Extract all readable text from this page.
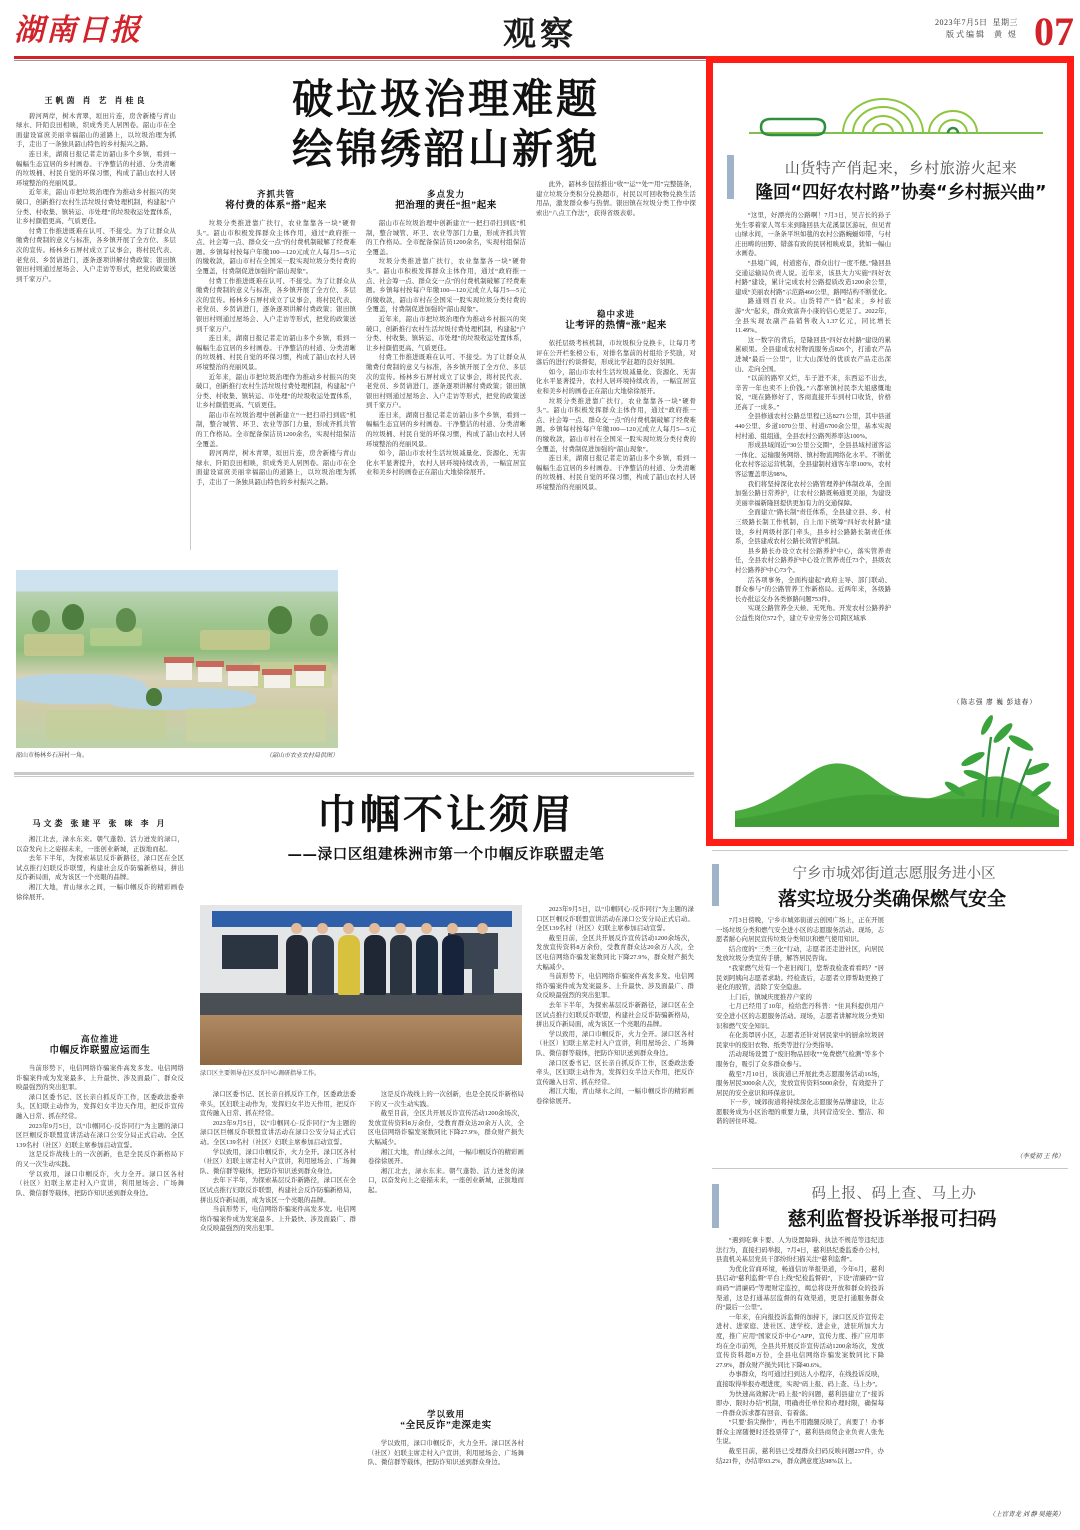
湖南日报	观察	2023年7月5日 星期三
版式编辑 黄 煜 07
破垃圾治理难题
绘锦绣韶山新貌
王帆茵 肖 艺 肖桂良

碧河两岸，树木青翠，垣田片连，房舍新楼与青山绿水、阡陌良田相映，织成秀美人居图卷。韶山市在全面建设富庶美丽幸福韶山的道路上，以垃圾治理为抓手，走出了一条独具韶山特色的乡村振兴之路。

连日来，湖南日报记者走访韶山多个乡镇，看到一幅幅生态宜居的乡村画卷。干净整洁的村道、分类清晰的垃圾桶、村民自觉的环保习惯，构成了韶山农村人居环境整治的亮丽风景。

近年来，韶山市把垃圾治理作为推动乡村振兴的突破口，创新推行农村生活垃圾付费处理机制，构建起“户分类、村收集、镇转运、市处理”的垃圾收运处置体系，让乡村颜值更高、气质更佳。

付费工作推进既难在认可、不接受。为了让群众从缴费付费制的意义与标准，各乡镇开展了全方位、多层次的宣传。杨林乡石屏村成立了议事会，将村民代表、老党员、乡贤请进门，逐条逐项讲解付费政策；银田镇银田村则通过屋场会、入户走访等形式，把党的政策送到千家万户。

齐抓共管
将付费的体系“搭”起来

垃圾分类推进靠广扶行，农业靠靠各一块“硬骨头”。韶山市积极发挥群众主体作用，通过“政府推一点、社会筹一点、群众交一点”的付费机制破解了经费难题。乡镇每村按每户年缴100—120元成立人每月5—5元的缴收款，韶山市村在全国采一股实现垃圾分类付费的全覆盖，付费制促进加强的“韶山现象”。

付费工作推进既难在认可、不接受。为了让群众从缴费付费制的意义与标准，各乡镇开展了全方位、多层次的宣传。杨林乡石屏村成立了议事会，将村民代表、老党员、乡贤请进门，逐条逐项讲解付费政策；银田镇银田村则通过屋场会、入户走访等形式，把党的政策送到千家万户。

连日来，湖南日报记者走访韶山多个乡镇，看到一幅幅生态宜居的乡村画卷。干净整洁的村道、分类清晰的垃圾桶、村民自觉的环保习惯，构成了韶山农村人居环境整治的亮丽风景。

近年来，韶山市把垃圾治理作为推动乡村振兴的突破口，创新推行农村生活垃圾付费处理机制，构建起“户分类、村收集、镇转运、市处理”的垃圾收运处置体系，让乡村颜值更高、气质更佳。

韶山市在垃圾治理中创新建立“一把扫帚扫到底”机制，整合城管、环卫、农业等部门力量，形成齐抓共管的工作格局。全市配备保洁员1200余名，实现村组保洁全覆盖。

碧河两岸，树木青翠，垣田片连，房舍新楼与青山绿水、阡陌良田相映，织成秀美人居图卷。韶山市在全面建设富庶美丽幸福韶山的道路上，以垃圾治理为抓手，走出了一条独具韶山特色的乡村振兴之路。

多点发力
把治理的责任“担”起来

韶山市在垃圾治理中创新建立“一把扫帚扫到底”机制，整合城管、环卫、农业等部门力量，形成齐抓共管的工作格局。全市配备保洁员1200余名，实现村组保洁全覆盖。

垃圾分类推进靠广扶行，农业靠靠各一块“硬骨头”。韶山市积极发挥群众主体作用，通过“政府推一点、社会筹一点、群众交一点”的付费机制破解了经费难题。乡镇每村按每户年缴100—120元成立人每月5—5元的缴收款，韶山市村在全国采一股实现垃圾分类付费的全覆盖，付费制促进加强的“韶山现象”。

近年来，韶山市把垃圾治理作为推动乡村振兴的突破口，创新推行农村生活垃圾付费处理机制，构建起“户分类、村收集、镇转运、市处理”的垃圾收运处置体系，让乡村颜值更高、气质更佳。

付费工作推进既难在认可、不接受。为了让群众从缴费付费制的意义与标准，各乡镇开展了全方位、多层次的宣传。杨林乡石屏村成立了议事会，将村民代表、老党员、乡贤请进门，逐条逐项讲解付费政策；银田镇银田村则通过屋场会、入户走访等形式，把党的政策送到千家万户。

连日来，湖南日报记者走访韶山多个乡镇，看到一幅幅生态宜居的乡村画卷。干净整洁的村道、分类清晰的垃圾桶、村民自觉的环保习惯，构成了韶山农村人居环境整治的亮丽风景。

如今，韶山市农村生活垃圾减量化、资源化、无害化水平显著提升，农村人居环境持续改善，一幅宜居宜业和美乡村的画卷正在韶山大地徐徐展开。

此外，韶林乡包括推出“收”“运”“处”“用”完整链条，建立垃圾分类积分兑换超市，村民以可回收物兑换生活用品，激发群众参与热情。银田镇在垃圾分类工作中探索出“八点工作法”，获得省级表彰。

稳中求进
让考评的热情“涨”起来

依托层级考核机制，市垃圾积分兑换卡，让每月考评在公开栏张榜公布，对排名靠前的村组给予奖励，对落后的进行约谈督促，形成比学赶超的良好氛围。

如今，韶山市农村生活垃圾减量化、资源化、无害化水平显著提升，农村人居环境持续改善，一幅宜居宜业和美乡村的画卷正在韶山大地徐徐展开。

垃圾分类推进靠广扶行，农业靠靠各一块“硬骨头”。韶山市积极发挥群众主体作用，通过“政府推一点、社会筹一点、群众交一点”的付费机制破解了经费难题。乡镇每村按每户年缴100—120元成立人每月5—5元的缴收款，韶山市村在全国采一股实现垃圾分类付费的全覆盖，付费制促进加强的“韶山现象”。

连日来，湖南日报记者走访韶山多个乡镇，看到一幅幅生态宜居的乡村画卷。干净整洁的村道、分类清晰的垃圾桶、村民自觉的环保习惯，构成了韶山农村人居环境整治的亮丽风景。

（韶山市农业农村局供图）
韶山市杨林乡石屏村一角。
巾帼不让须眉
——渌口区组建株洲市第一个巾帼反诈联盟走笔
马文娄 张建平 张 咪 李 月

湘江北去，渌水东来。朝气蓬勃、活力迸发的渌口，以奋发向上之姿描未来，一座创业新城，正拔地而起。

去年下半年，为探索基层反诈新路径，渌口区在全区试点推行妇联反诈联盟，构建社会反诈防骗新格局，拼出反诈新局面，成为该区一个亮眼的品牌。

湘江大地，青山绿水之间，一幅巾帼反诈的精彩画卷徐徐展开。

高位推进
巾帼反诈联盟应运而生

当前形势下，电信网络诈骗案件高发多发。电信网络诈骗案件成为发案最多、上升最快、涉及面最广、群众反映最强烈的突出犯罪。

渌口区委书记、区长亲自抓反诈工作，区委政法委牵头，区妇联主动作为，发挥妇女半边天作用，把反诈宣传融入日常、抓在经常。

2023年9月5日，以“巾帼同心·反诈同行”为主题的渌口区巨帼反诈联盟宣讲活动在渌口公安分局正式启动。全区139名村（社区）妇联主席参加启动宣誓。

这是反诈战线上的一次创新，也是全民反诈新格局下的又一次生动实践。

学以致用，渌口巾帼反诈，火力全开。渌口区各村（社区）妇联主席走村入户宣讲，利用屋场会、广场舞队、微信群等载体，把防诈知识送到群众身边。

渌口区主要领导在区反诈中心调研指导工作。

渌口区委书记、区长亲自抓反诈工作，区委政法委牵头，区妇联主动作为，发挥妇女半边天作用，把反诈宣传融入日常、抓在经常。

2023年9月5日，以“巾帼同心·反诈同行”为主题的渌口区巨帼反诈联盟宣讲活动在渌口公安分局正式启动。全区139名村（社区）妇联主席参加启动宣誓。

学以致用，渌口巾帼反诈，火力全开。渌口区各村（社区）妇联主席走村入户宣讲，利用屋场会、广场舞队、微信群等载体，把防诈知识送到群众身边。

去年下半年，为探索基层反诈新路径，渌口区在全区试点推行妇联反诈联盟，构建社会反诈防骗新格局，拼出反诈新局面，成为该区一个亮眼的品牌。

当前形势下，电信网络诈骗案件高发多发。电信网络诈骗案件成为发案最多、上升最快、涉及面最广、群众反映最强烈的突出犯罪。

这是反诈战线上的一次创新，也是全民反诈新格局下的又一次生动实践。

截至目前，全区共开展反诈宣传活动1200余场次，发放宣传资料8万余份，受教育群众达20余万人次，全区电信网络诈骗发案数同比下降27.9%，群众财产损失大幅减少。

湘江大地，青山绿水之间，一幅巾帼反诈的精彩画卷徐徐展开。

湘江北去，渌水东来。朝气蓬勃、活力迸发的渌口，以奋发向上之姿描未来，一座创业新城，正拔地而起。

学以致用
“全民反诈”走深走实

学以致用，渌口巾帼反诈，火力全开。渌口区各村（社区）妇联主席走村入户宣讲，利用屋场会、广场舞队、微信群等载体，把防诈知识送到群众身边。

2023年9月5日，以“巾帼同心·反诈同行”为主题的渌口区巨帼反诈联盟宣讲活动在渌口公安分局正式启动。全区139名村（社区）妇联主席参加启动宣誓。

截至目前，全区共开展反诈宣传活动1200余场次，发放宣传资料8万余份，受教育群众达20余万人次，全区电信网络诈骗发案数同比下降27.9%，群众财产损失大幅减少。

当前形势下，电信网络诈骗案件高发多发。电信网络诈骗案件成为发案最多、上升最快、涉及面最广、群众反映最强烈的突出犯罪。

去年下半年，为探索基层反诈新路径，渌口区在全区试点推行妇联反诈联盟，构建社会反诈防骗新格局，拼出反诈新局面，成为该区一个亮眼的品牌。

学以致用，渌口巾帼反诈，火力全开。渌口区各村（社区）妇联主席走村入户宣讲，利用屋场会、广场舞队、微信群等载体，把防诈知识送到群众身边。

渌口区委书记、区长亲自抓反诈工作，区委政法委牵头，区妇联主动作为，发挥妇女半边天作用，把反诈宣传融入日常、抓在经常。

湘江大地，青山绿水之间，一幅巾帼反诈的精彩画卷徐徐展开。

山货特产俏起来，乡村旅游火起来
隆回“四好农村路”协奏“乡村振兴曲”

“这里，好漂亮的公路啊！7月3日，吴吉长的孙子先生零着家人驾车来到隆回县大花溪景区游玩，但见青山绿水间，一条条平坦如毯的农村公路蜿蜒如带，与村庄田畴的田野、错落有致的民居相映成景，犹如一幅山水画卷。

“县境广阔，村道密布，群众出行一度不便。”隆回县交通运输局负责人说。近年来，该县大力实施“四好农村路”建设，累计完成农村公路提质改造1200余公里，建成“美丽农村路”示范路460公里，路网结构不断优化。

路通则百业兴。山货特产“俏”起来，乡村旅游“火”起来，群众致富奔小康的信心更足了。2022年，全县实现农副产品销售收入1.37亿元，同比增长11.49%。

这一数字的背后，是隆回县“四好农村路”建设的累累硕果。全县建成农村物流服务点826个，打通农产品进城“最后一公里”，让大山深处的优质农产品走出深山、走向全国。

“以前的路窄又烂，车子进不来，东西运不出去，辛苦一年也卖不上价钱。”六都寨镇村民李大姐感慨地说，“现在路修好了，客商直接开车到村口收货，价格还高了一成多。”

全县修通农村公路总里程已达8271公里，其中县道440公里、乡道1070公里、村道6700余公里，基本实现村村通、组组通，全县农村公路列养率达100%。

形成县域间近“30公里公交圈”，全县县域村道客运一体化、运输服务网络、镇村物流网络化水平。不断优化农村客运运营机制，全县建制村通客车率100%，农村客运覆盖率达98%。

我们将坚持深化农村公路管理养护体制改革，全面加强公路日常养护，让农村公路既畅通更美丽，为建设美丽幸福新隆回提供更加有力的交通保障。

全面建立“路长制”责任体系，全县建立县、乡、村三级路长制工作机制，自上而下统筹“四好农村路”建设，乡村两级村部门牵头，县乡村公路路长制责任体系，全县建成农村公路长效管护机制。

县乡路长办设立农村公路养护中心，落实管养责任，全县农村公路养护中心设立管养责任73个，县级农村公路养护中心73个。

活各项事务，全面构建起“政府主导、部门联动、群众参与”的公路管养工作新格局。近两年来，各级路长办批运交办各类修路问题753件。

实现公路管养全天候、无死角。开发农村公路养护公益性岗位572个，建立专业劳务公司跨区域承

（陈志强 廖 巍 彭迪春）
宁乡市城郊街道志愿服务进小区
落实垃圾分类确保燃气安全

7月3日傍晚，宁乡市城郊街道云创园广场上，正在开展一场垃圾分类和燃气安全进小区的志愿服务活动。现场，志愿者耐心向居民宣传垃圾分类知识和燃气使用知识。

结合度的“三类三化”行动，志愿者还走进社区，向居民发放垃圾分类宣传手册，解答居民咨询。

“我家燃气灶有一个老旧阀门，您帮我检查看看吗？”居民刘阿姨向志愿者求助。经检查后，志愿者立即帮助更换了老化的胶管，消除了安全隐患。

上门后，镇城庆度推荐户家的

七月已经用了10年，检给您丹科普：“住具科提供用户安全进小区的志愿服务活动。现场，志愿者讲解垃圾分类知识和燃气安全知识。

在化粪罩居小区，志愿者还针对居民家中的厨余垃圾居民家中的废旧衣物、纸类等进行分类指导。

活动现场设置了“废旧物品回收”“免费燃气检测”等多个服务台，吸引了众多群众参与。

截至7月10日，该街道已开展此类志愿服务活动16场，服务居民3000余人次，发放宣传资料5000余份，有效提升了居民的安全意识和环保意识。

下一步，城郊街道将持续深化志愿服务品牌建设，让志愿服务成为小区治理的重要力量，共同营造安全、整洁、和谐的居住环境。

（李爱初 王 伟）
码上报、码上查、马上办
慈利监督投诉举报可扫码

“遇到吃拿卡要、人为设置障碍、执法不规范等违纪违法行为，直接扫码举报，7月4日，慈利县纪委监委办公村，县直机关基层党员干部纷纷扫描关注“慈利监督”。

为优化营商环境，畅通信访举报渠道，今年6月，慈利县启动“慈利监督”平台上线“纪检监督码”，下设“清廉码”“营商码”“清廉码”等理财定监控，竭总将设开放和群众的投诉渠道，这是打通基层监督的有效渠道，更是打通服务群众的“最后一公里”。

一年来，在向报投诉监督的加持下，渌口区反诈宣传走进村、进家庭、进社区、进学校、进企业，进驻所加大力度，推广应用“国家反诈中心”APP，宣传力度、推广应用率均在全市前列，全县共开展反诈宣传活动1200余场次，发放宣传资料超8万份，全县电信网络诈骗发案数同比下降27.9%，群众财产损失同比下降40.6%。

办事群众，均可通过扫到达人小程序，在线投诉反映，直接取得举报办理进度，实现“码上报、码上查、马上办”。

为快速高效解决“码上报”的问题，慈利县建立了“接诉即办、限时办结”机制，明确责任单位和办理时限，确保每一件群众诉求都有回音、有着落。

“只要‘指尖操作’，再也不用跑腿反映了，真要了！办事群众主席随便时还投票带了”，慈利县商贸企业负责人张先生说。

截至目前，慈利县已受理群众扫码反映问题237件，办结221件，办结率93.2%，群众满意度达98%以上。

（上官青龙 刘 静 吴施美）
